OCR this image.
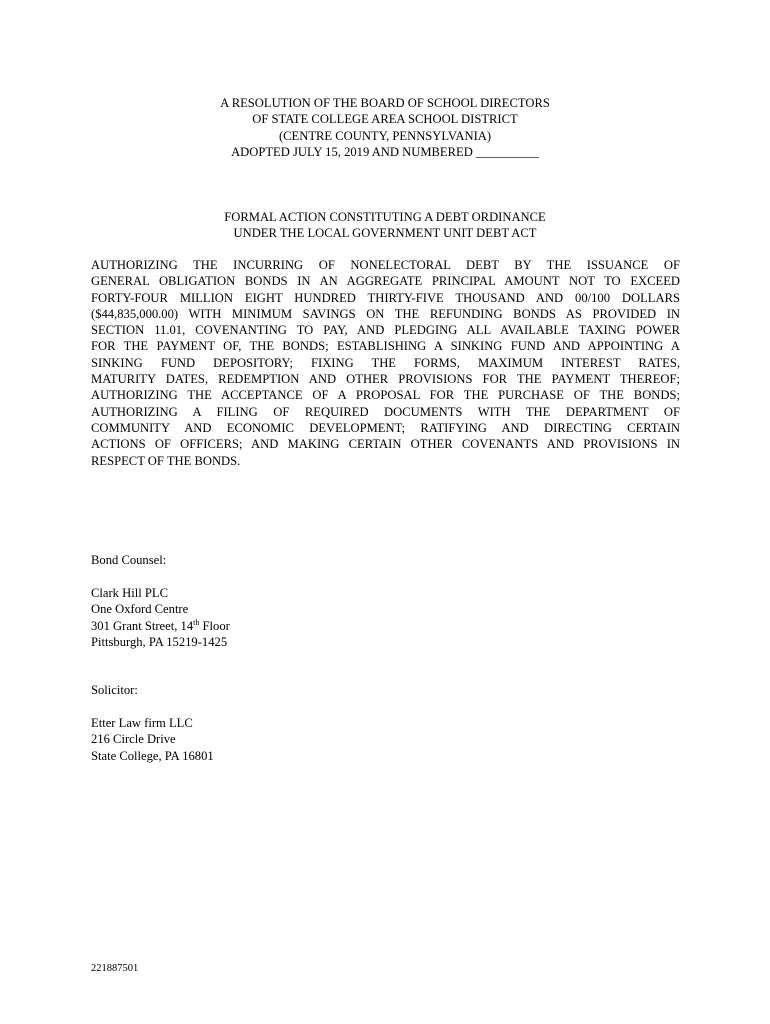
A RESOLUTION OF THE BOARD OF SCHOOL DIRECTORS
OF STATE COLLEGE AREA SCHOOL DISTRICT
(CENTRE COUNTY, PENNSYLVANIA)
ADOPTED JULY 15, 2019 AND NUMBERED __________
FORMAL ACTION CONSTITUTING A DEBT ORDINANCE
UNDER THE LOCAL GOVERNMENT UNIT DEBT ACT
AUTHORIZING THE INCURRING OF NONELECTORAL DEBT BY THE ISSUANCE OF
GENERAL OBLIGATION BONDS IN AN AGGREGATE PRINCIPAL AMOUNT NOT TO EXCEED
FORTY-FOUR MILLION EIGHT HUNDRED THIRTY-FIVE THOUSAND AND 00/100 DOLLARS
($44,835,000.00) WITH MINIMUM SAVINGS ON THE REFUNDING BONDS AS PROVIDED IN
SECTION 11.01, COVENANTING TO PAY, AND PLEDGING ALL AVAILABLE TAXING POWER
FOR THE PAYMENT OF, THE BONDS; ESTABLISHING A SINKING FUND AND APPOINTING A
SINKING FUND DEPOSITORY; FIXING THE FORMS, MAXIMUM INTEREST RATES,
MATURITY DATES, REDEMPTION AND OTHER PROVISIONS FOR THE PAYMENT THEREOF;
AUTHORIZING THE ACCEPTANCE OF A PROPOSAL FOR THE PURCHASE OF THE BONDS;
AUTHORIZING A FILING OF REQUIRED DOCUMENTS WITH THE DEPARTMENT OF
COMMUNITY AND ECONOMIC DEVELOPMENT; RATIFYING AND DIRECTING CERTAIN
ACTIONS OF OFFICERS; AND MAKING CERTAIN OTHER COVENANTS AND PROVISIONS IN
RESPECT OF THE BONDS.
Bond Counsel:
Clark Hill PLC
One Oxford Centre
301 Grant Street, 14th Floor
Pittsburgh, PA 15219-1425
Solicitor:
Etter Law firm LLC
216 Circle Drive
State College, PA 16801
221887501
